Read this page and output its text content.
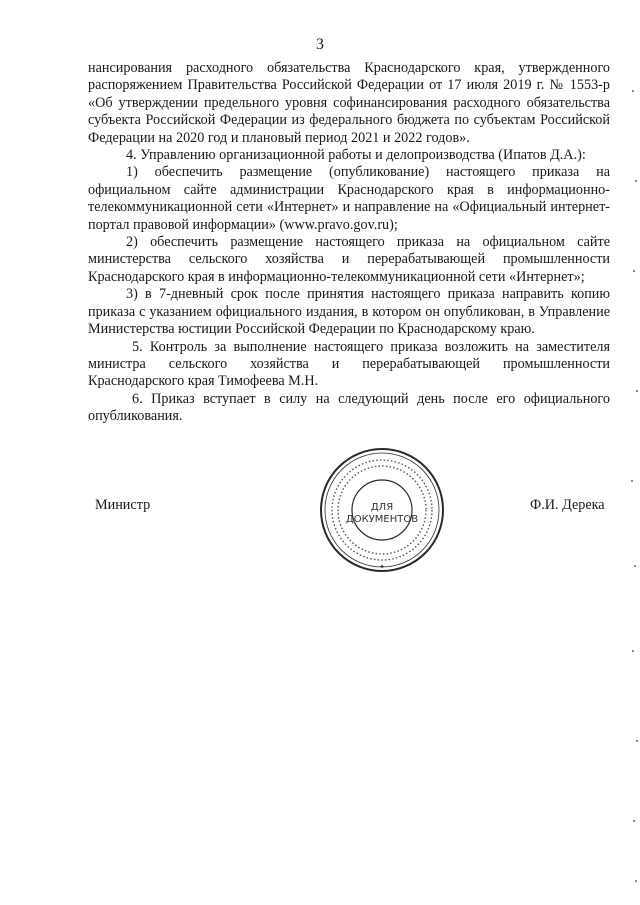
3

нансирования расходного обязательства Краснодарского края, утвержденного распоряжением Правительства Российской Федерации от 17 июля 2019 г. № 1553-р «Об утверждении предельного уровня софинансирования расходного обязательства субъекта Российской Федерации из федерального бюджета по субъектам Российской Федерации на 2020 год и плановый период 2021 и 2022 годов».

4. Управлению организационной работы и делопроизводства (Ипатов Д.А.):

1) обеспечить размещение (опубликование) настоящего приказа на официальном сайте администрации Краснодарского края в информационно-телекоммуникационной сети «Интернет» и направление на «Официальный интернет-портал правовой информации» (www.pravo.gov.ru);

2) обеспечить размещение настоящего приказа на официальном сайте министерства сельского хозяйства и перерабатывающей промышленности Краснодарского края в информационно-телекоммуникационной сети «Интернет»;

3) в 7-дневный срок после принятия настоящего приказа направить копию приказа с указанием официального издания, в котором он опубликован, в Управление Министерства юстиции Российской Федерации по Краснодарскому краю.

5. Контроль за выполнение настоящего приказа возложить на заместителя министра сельского хозяйства и перерабатывающей промышленности Краснодарского края Тимофеева М.Н.

6. Приказ вступает в силу на следующий день после его официального опубликования.

Министр	Ф.И. Дерека
✦
ДЛЯ
ДОКУМЕНТОВ
